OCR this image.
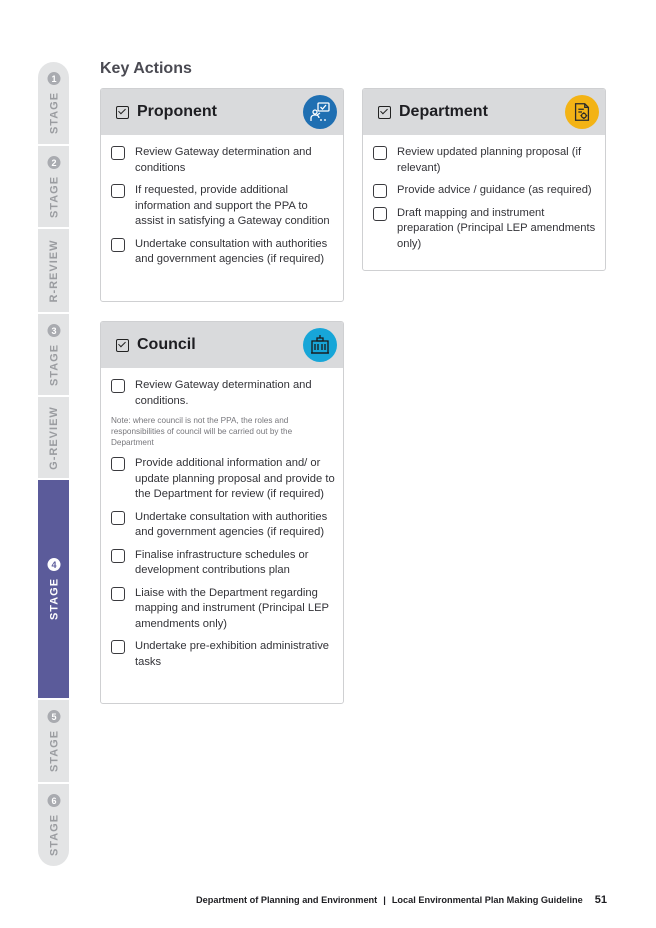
STAGE
1
STAGE
2
R-REVIEW
STAGE
3
G-REVIEW
STAGE
4
STAGE
5
STAGE
6
Key Actions
Proponent
Review Gateway determination and conditions
If requested, provide additional information and support the PPA to assist in satisfying a Gateway condition
Undertake consultation with authorities and government agencies (if required)
Department
Review updated planning proposal (if relevant)
Provide advice / guidance (as required)
Draft mapping and instrument preparation (Principal LEP amendments only)
Council
Review Gateway determination and conditions.
Note: where council is not the PPA, the roles and responsibilities of council will be carried out by the Department
Provide additional information and/ or update planning proposal and provide to the Department for review (if required)
Undertake consultation with authorities and government agencies (if required)
Finalise infrastructure schedules or development contributions plan
Liaise with the Department regarding mapping and instrument (Principal LEP amendments only)
Undertake pre-exhibition administrative tasks
Department of Planning and Environment | Local Environmental Plan Making Guideline 51
